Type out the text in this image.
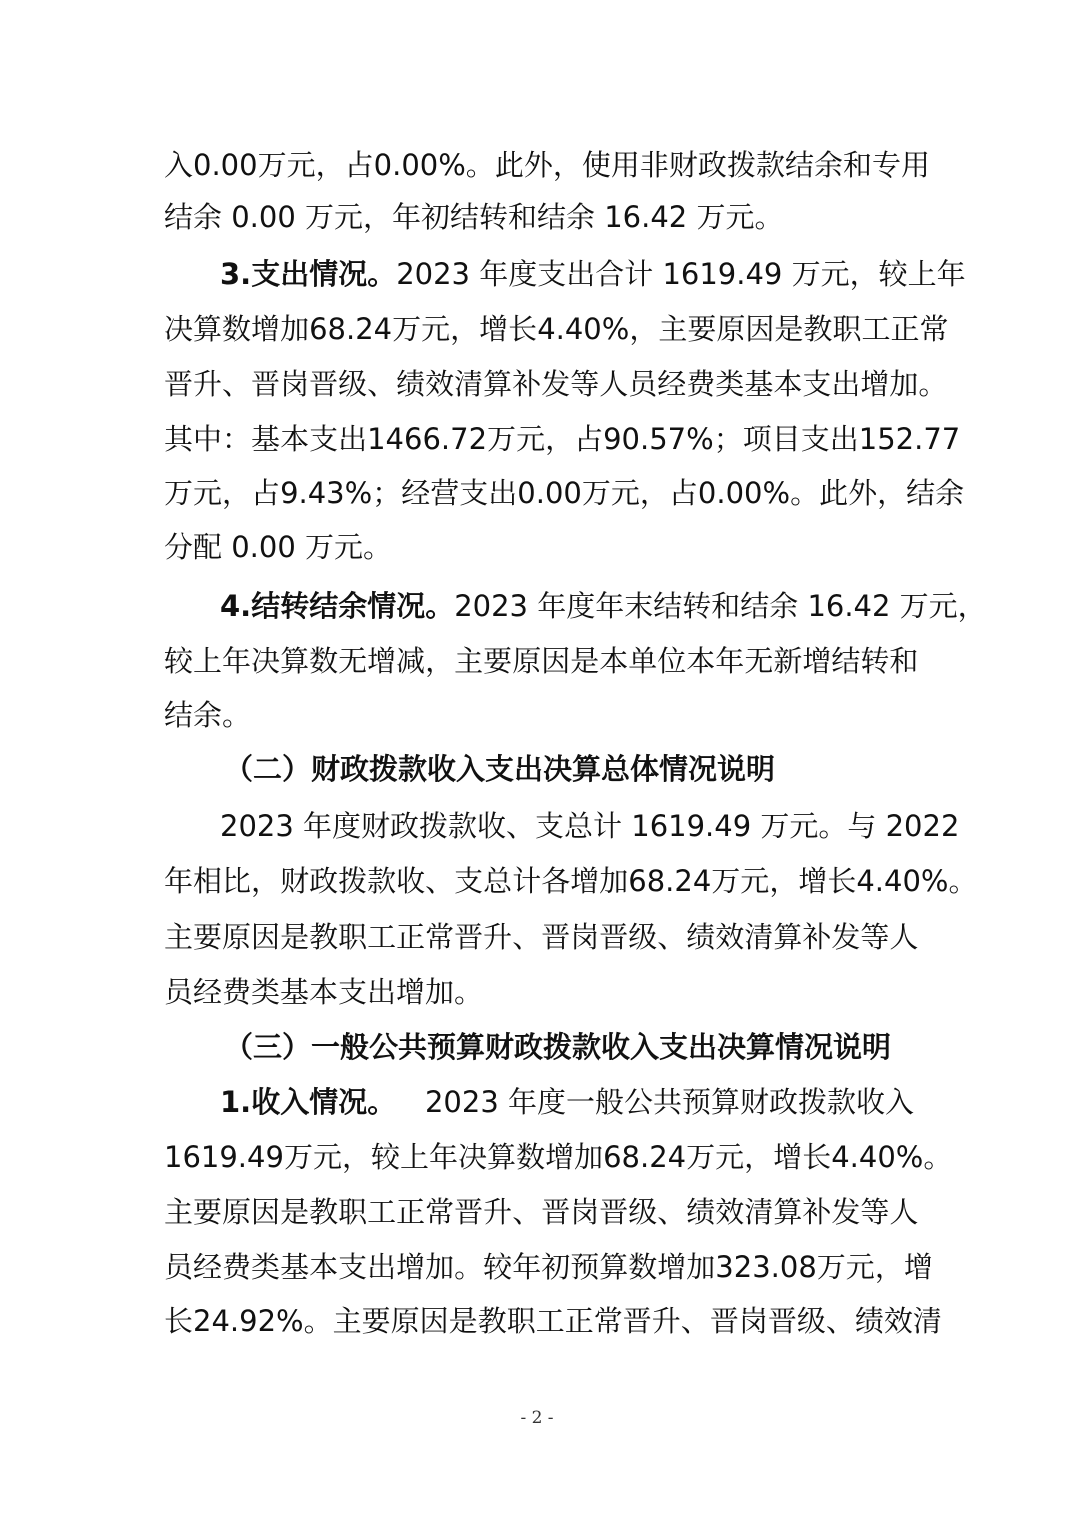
入 0.00 万 元 ， 占 0.00% 。 此 外 ， 使 用 非 财 政 拨 款 结 余 和 专 用
结余 0.00 万元，年初结转和结余 16.42 万元。
3.支出情况。 2023 年度支出合计 1619.49 万元，较上年
决 算 数 增 加 68.24 万 元 ， 增 长 4.40% ， 主 要 原 因 是 教 职 工 正 常
晋 升 、 晋 岗 晋 级 、 绩 效 清 算 补 发 等 人 员 经 费 类 基 本 支 出 增 加 。
其 中 ： 基 本 支 出 1466.72 万 元 ， 占 90.57% ； 项 目 支 出 152.77
万 元 ， 占 9.43% ； 经 营 支 出 0.00 万 元 ， 占 0.00% 。 此 外 ， 结 余
分配 0.00 万元。
4.结转结余情况。 2023 年度年末结转和结余 16.42 万元，
较 上 年 决 算 数 无 增 减 ， 主 要 原 因 是 本 单 位 本 年 无 新 增 结 转 和
结余。
（二）财政拨款收入支出决算总体情况说明
2023 年度财政拨款收、支总计 1619.49 万元。与 2022
年 相 比 ， 财 政 拨 款 收 、 支 总 计 各 增 加 68.24 万 元 ， 增 长 4.40% 。
主 要 原 因 是 教 职 工 正 常 晋 升 、 晋 岗 晋 级 、 绩 效 清 算 补 发 等 人
员经费类基本支出增加。
（三）一般公共预算财政拨款收入支出决算情况说明
1.收入情况。 2023 年度一般公共预算财政拨款收入
1619.49 万 元 ， 较 上 年 决 算 数 增 加 68.24 万 元 ， 增 长 4.40% 。
主 要 原 因 是 教 职 工 正 常 晋 升 、 晋 岗 晋 级 、 绩 效 清 算 补 发 等 人
员 经 费 类 基 本 支 出 增 加 。 较 年 初 预 算 数 增 加 323.08 万 元 ， 增
长 24.92% 。 主 要 原 因 是 教 职 工 正 常 晋 升 、 晋 岗 晋 级 、 绩 效 清
- 2 -
